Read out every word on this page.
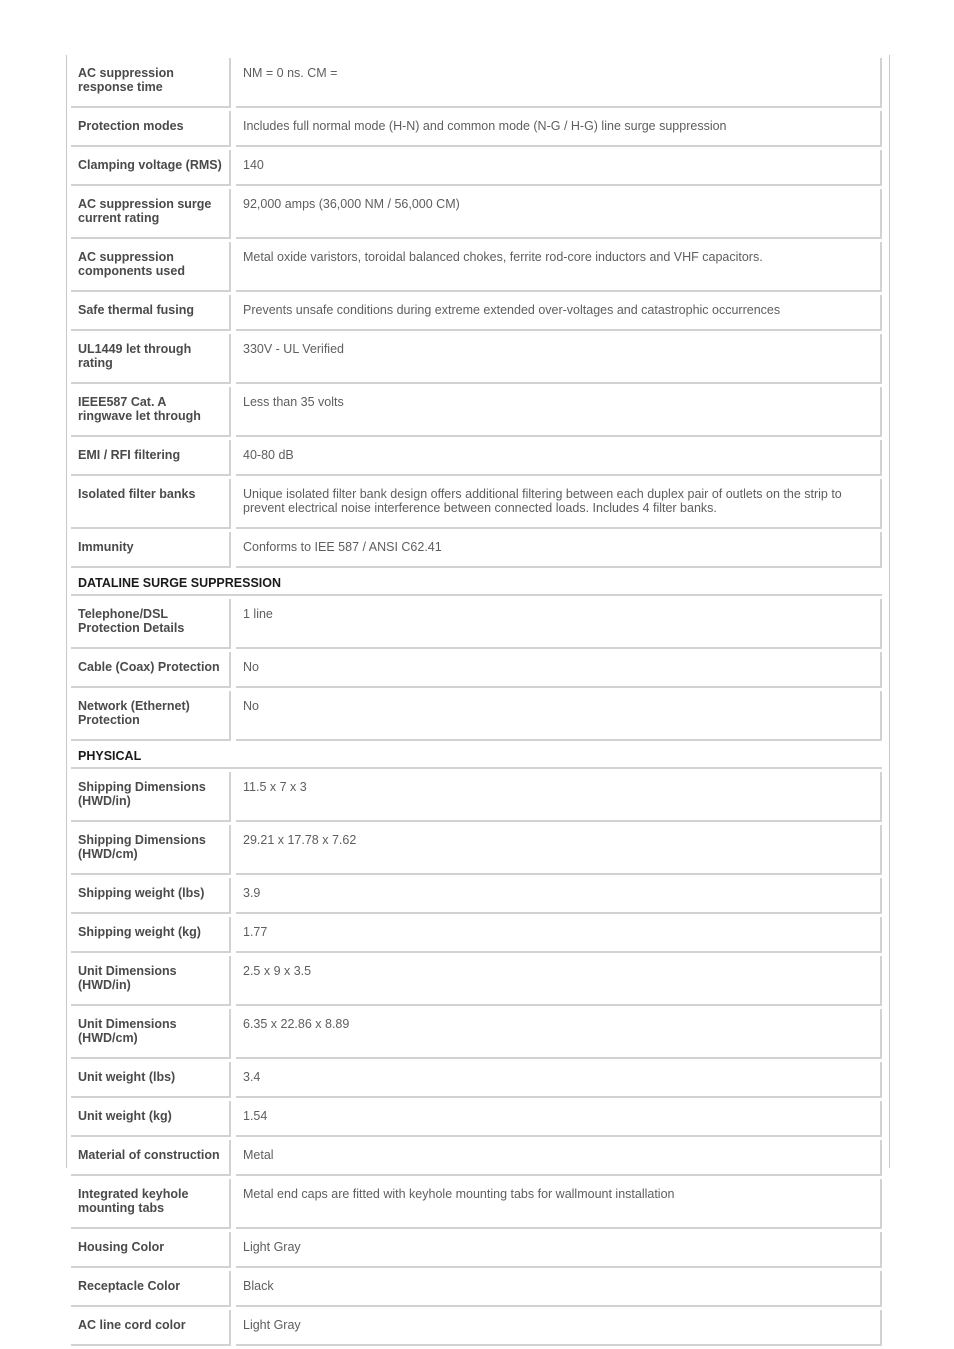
AC suppression response time		NM = 0 ns. CM =
Protection modes		Includes full normal mode (H-N) and common mode (N-G / H-G) line surge suppression
Clamping voltage (RMS)		140
AC suppression surge current rating		92,000 amps (36,000 NM / 56,000 CM)
AC suppression components used		Metal oxide varistors, toroidal balanced chokes, ferrite rod-core inductors and VHF capacitors.
Safe thermal fusing		Prevents unsafe conditions during extreme extended over-voltages and catastrophic occurrences
UL1449 let through rating		330V - UL Verified
IEEE587 Cat. A ringwave let through		Less than 35 volts
EMI / RFI filtering		40-80 dB
Isolated filter banks		Unique isolated filter bank design offers additional filtering between each duplex pair of outlets on the strip to prevent electrical noise interference between connected loads. Includes 4 filter banks.
Immunity		Conforms to IEE 587 / ANSI C62.41
DATALINE SURGE SUPPRESSION		
Telephone/DSL Protection Details		1 line
Cable (Coax) Protection		No
Network (Ethernet) Protection		No
PHYSICAL		
Shipping Dimensions (HWD/in)		11.5 x 7 x 3
Shipping Dimensions (HWD/cm)		29.21 x 17.78 x 7.62
Shipping weight (lbs)		3.9
Shipping weight (kg)		1.77
Unit Dimensions (HWD/in)		2.5 x 9 x 3.5
Unit Dimensions (HWD/cm)		6.35 x 22.86 x 8.89
Unit weight (lbs)		3.4
Unit weight (kg)		1.54
Material of construction		Metal
Integrated keyhole mounting tabs		Metal end caps are fitted with keyhole mounting tabs for wallmount installation
Housing Color		Light Gray
Receptacle Color		Black
AC line cord color		Light Gray
